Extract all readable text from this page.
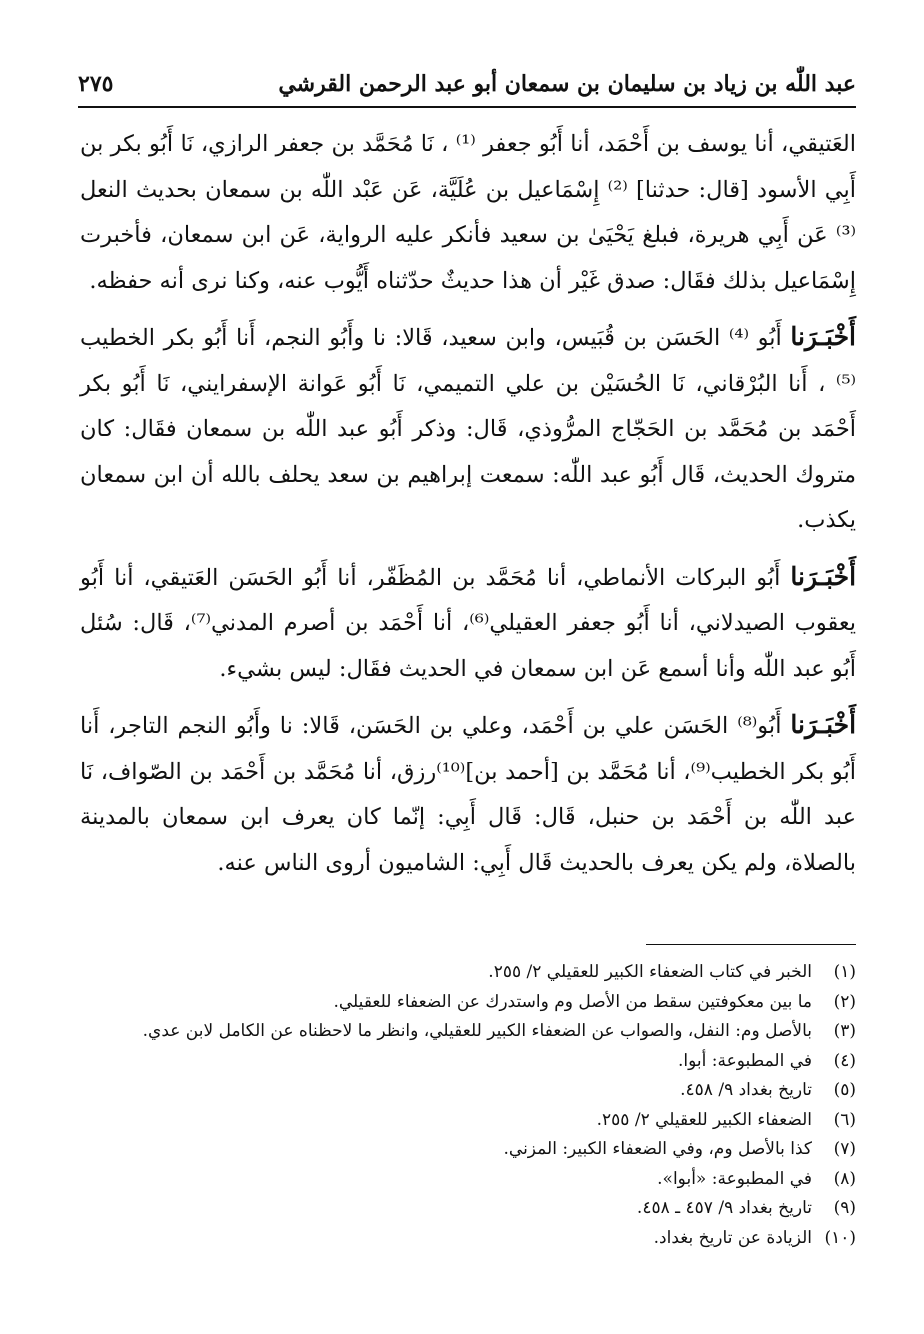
عبد اللّٰه بن زياد بن سليمان بن سمعان أبو عبد الرحمن القرشي
٢٧٥

العَتيقي، أنا يوسف بن أَحْمَد، أنا أَبُو جعفر ⁽¹⁾ ، نَا مُحَمَّد بن جعفر الرازي، نَا أَبُو بكر بن أَبِي الأسود [قال: حدثنا] ⁽²⁾ إِسْمَاعيل بن عُلَيَّة، عَن عَبْد اللّٰه بن سمعان بحديث النعل ⁽³⁾ عَن أَبِي هريرة، فبلغ يَحْيَىٰ بن سعيد فأنكر عليه الرواية، عَن ابن سمعان، فأخبرت إِسْمَاعيل بذلك فقَال: صدق غَيْر أن هذا حديثٌ حدّثناه أَيُّوب عنه، وكنا نرى أنه حفظه.

أَخْبَـرَنا أَبُو ⁽⁴⁾ الحَسَن بن قُبَيس، وابن سعيد، قَالا: نا وأَبُو النجم، أَنا أَبُو بكر الخطيب ⁽⁵⁾ ، أَنا البُرْقاني، نَا الحُسَيْن بن علي التميمي، نَا أَبُو عَوانة الإسفرايني، نَا أَبُو بكر أَحْمَد بن مُحَمَّد بن الحَجّاج المرُّوذي، قَال: وذكر أَبُو عبد اللّٰه بن سمعان فقَال: كان متروك الحديث، قَال أَبُو عبد اللّٰه: سمعت إبراهيم بن سعد يحلف بالله أن ابن سمعان يكذب.

أَخْبَـرَنا أَبُو البركات الأنماطي، أنا مُحَمَّد بن المُظَفّر، أنا أَبُو الحَسَن العَتيقي، أنا أَبُو يعقوب الصيدلاني، أنا أَبُو جعفر العقيلي⁽⁶⁾، أنا أَحْمَد بن أصرم المدني⁽⁷⁾، قَال: سُئل أَبُو عبد اللّٰه وأنا أسمع عَن ابن سمعان في الحديث فقَال: ليس بشيء.

أَخْبَـرَنا أَبُو⁽⁸⁾ الحَسَن علي بن أَحْمَد، وعلي بن الحَسَن، قَالا: نا وأَبُو النجم التاجر، أَنا أَبُو بكر الخطيب⁽⁹⁾، أنا مُحَمَّد بن [أحمد بن]⁽¹⁰⁾رزق، أنا مُحَمَّد بن أَحْمَد بن الصّواف، نَا عبد اللّٰه بن أَحْمَد بن حنبل، قَال: قَال أَبِي: إنّما كان يعرف ابن سمعان بالمدينة بالصلاة، ولم يكن يعرف بالحديث قَال أَبِي: الشاميون أروى الناس عنه.

(١)
الخبر في كتاب الضعفاء الكبير للعقيلي ٢/ ٢٥٥.
(٢)
ما بين معكوفتين سقط من الأصل وم واستدرك عن الضعفاء للعقيلي.
(٣)
بالأصل وم: النفل، والصواب عن الضعفاء الكبير للعقيلي، وانظر ما لاحظناه عن الكامل لابن عدي.
(٤)
في المطبوعة: أبوا.
(٥)
تاريخ بغداد ٩/ ٤٥٨.
(٦)
الضعفاء الكبير للعقيلي ٢/ ٢٥٥.
(٧)
كذا بالأصل وم، وفي الضعفاء الكبير: المزني.
(٨)
في المطبوعة: «أبوا».
(٩)
تاريخ بغداد ٩/ ٤٥٧ ـ ٤٥٨.
(١٠)
الزيادة عن تاريخ بغداد.
